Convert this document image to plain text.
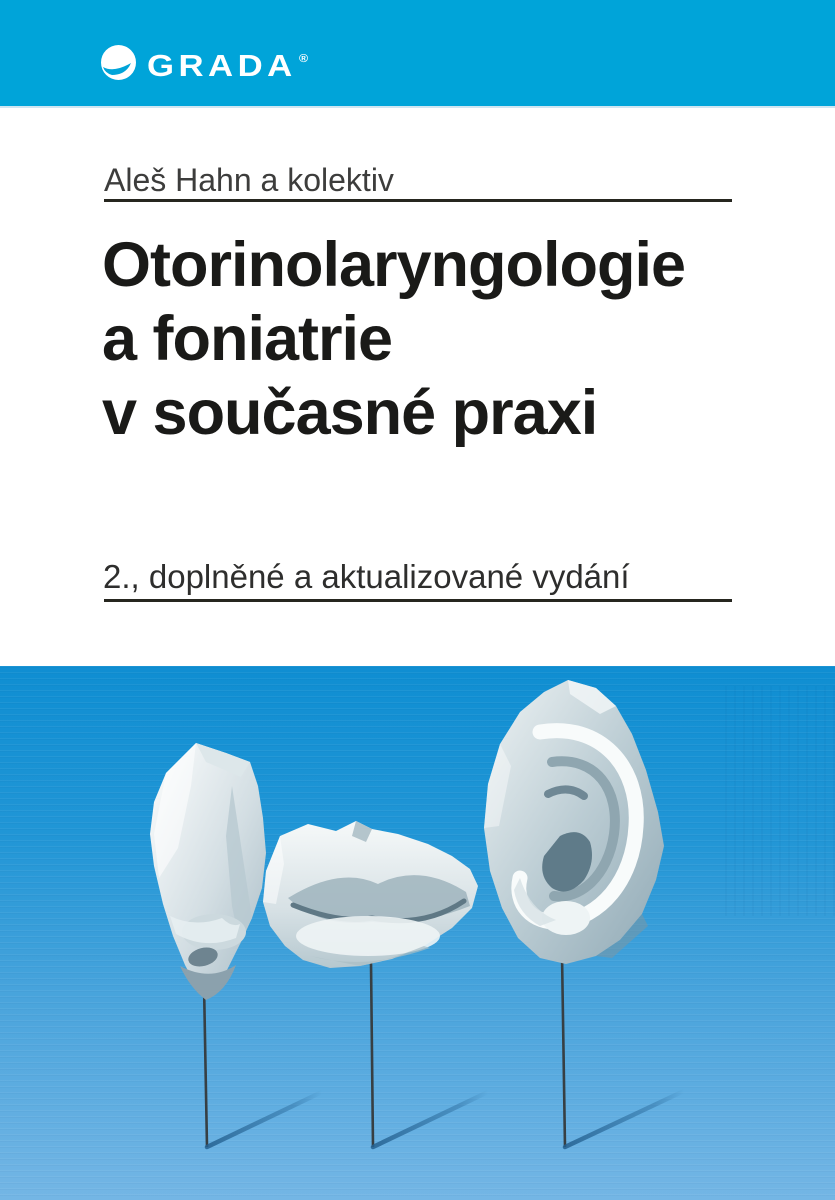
GRADA ®
Aleš Hahn a kolektiv
Otorinolaryngologie
a foniatrie
v současné praxi
2., doplněné a aktualizované vydání
